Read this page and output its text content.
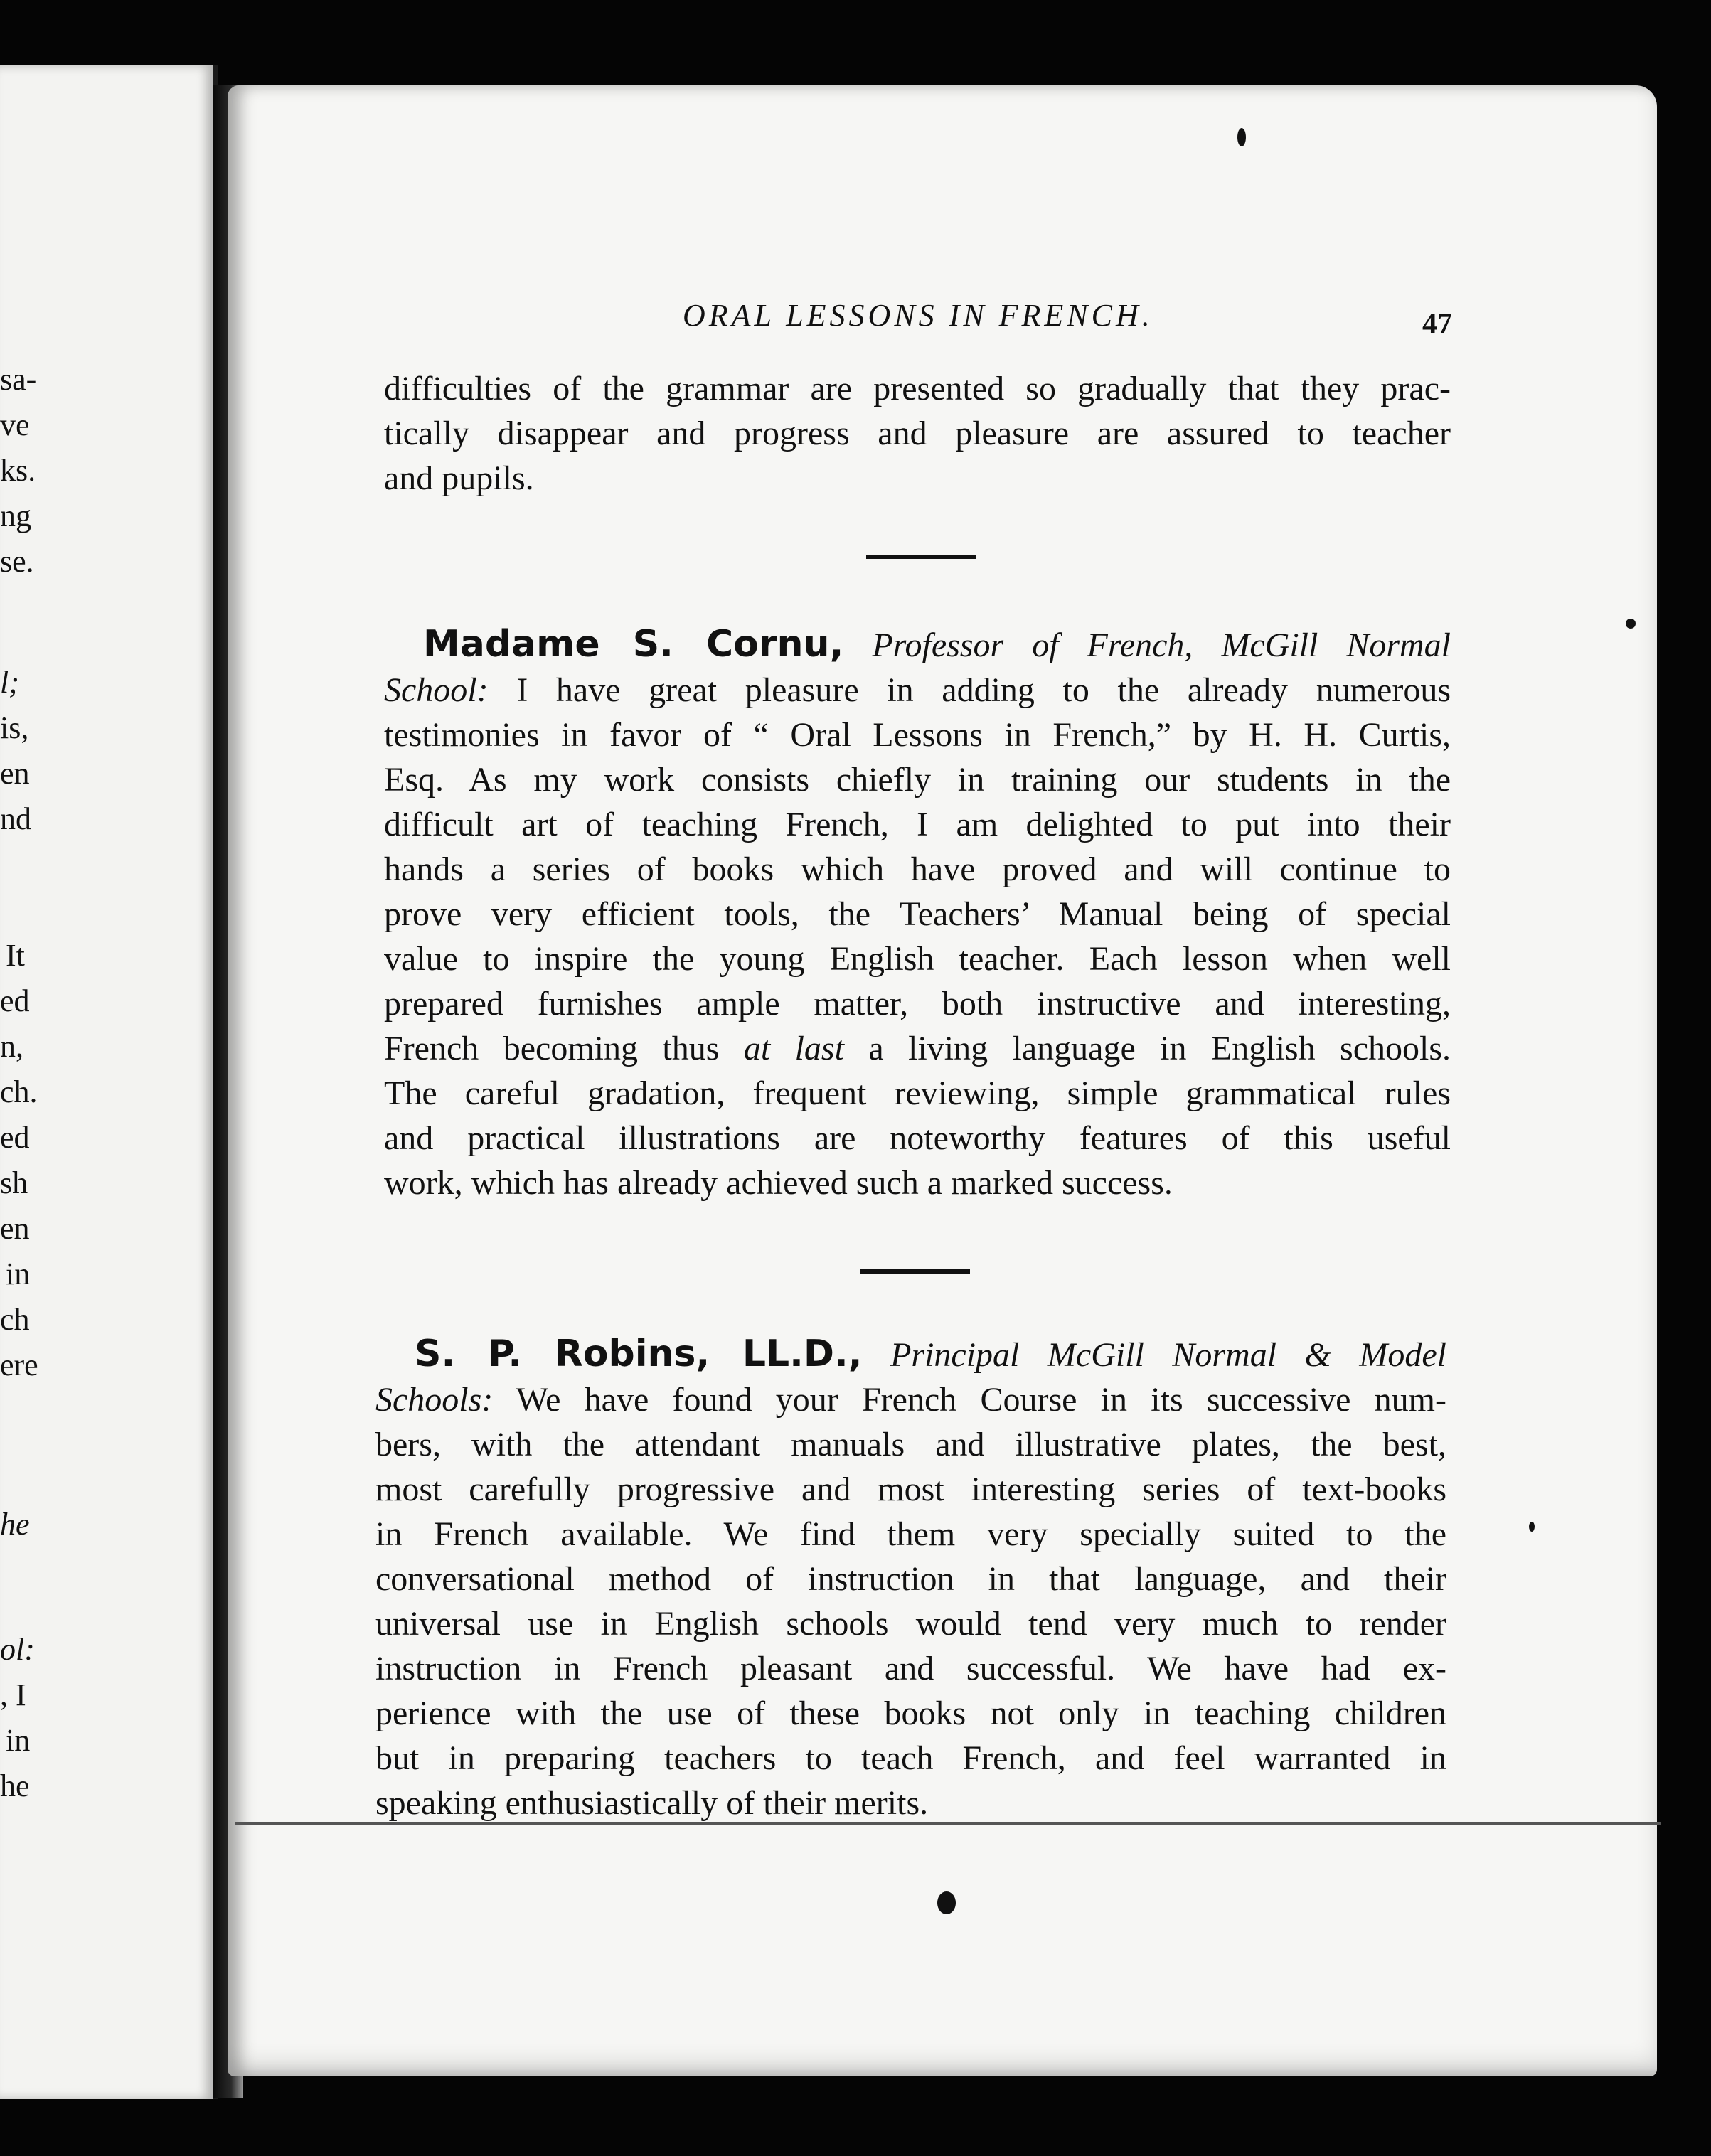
sa-
ve
ks.
ng
se.
l;
is,
en
nd
It
ed
n,
ch.
ed
sh
en
in
ch
ere
he
ol:
, I
in
he
ORAL LESSONS IN FRENCH.	47
difficulties of the grammar are presented so gradually that they prac-
tically disappear and progress and pleasure are assured to teacher
and pupils.
Madame S. Cornu, Professor of French, McGill Normal
School: I have great pleasure in adding to the already numerous
testimonies in favor of “ Oral Lessons in French,” by H. H. Curtis,
Esq. As my work consists chiefly in training our students in the
difficult art of teaching French, I am delighted to put into their
hands a series of books which have proved and will continue to
prove very efficient tools, the Teachers’ Manual being of special
value to inspire the young English teacher. Each lesson when well
prepared furnishes ample matter, both instructive and interesting,
French becoming thus at last a living language in English schools.
The careful gradation, frequent reviewing, simple grammatical rules
and practical illustrations are noteworthy features of this useful
work, which has already achieved such a marked success.
S. P. Robins, LL.D., Principal McGill Normal & Model
Schools: We have found your French Course in its successive num-
bers, with the attendant manuals and illustrative plates, the best,
most carefully progressive and most interesting series of text-books
in French available. We find them very specially suited to the
conversational method of instruction in that language, and their
universal use in English schools would tend very much to render
instruction in French pleasant and successful. We have had ex-
perience with the use of these books not only in teaching children
but in preparing teachers to teach French, and feel warranted in
speaking enthusiastically of their merits.
